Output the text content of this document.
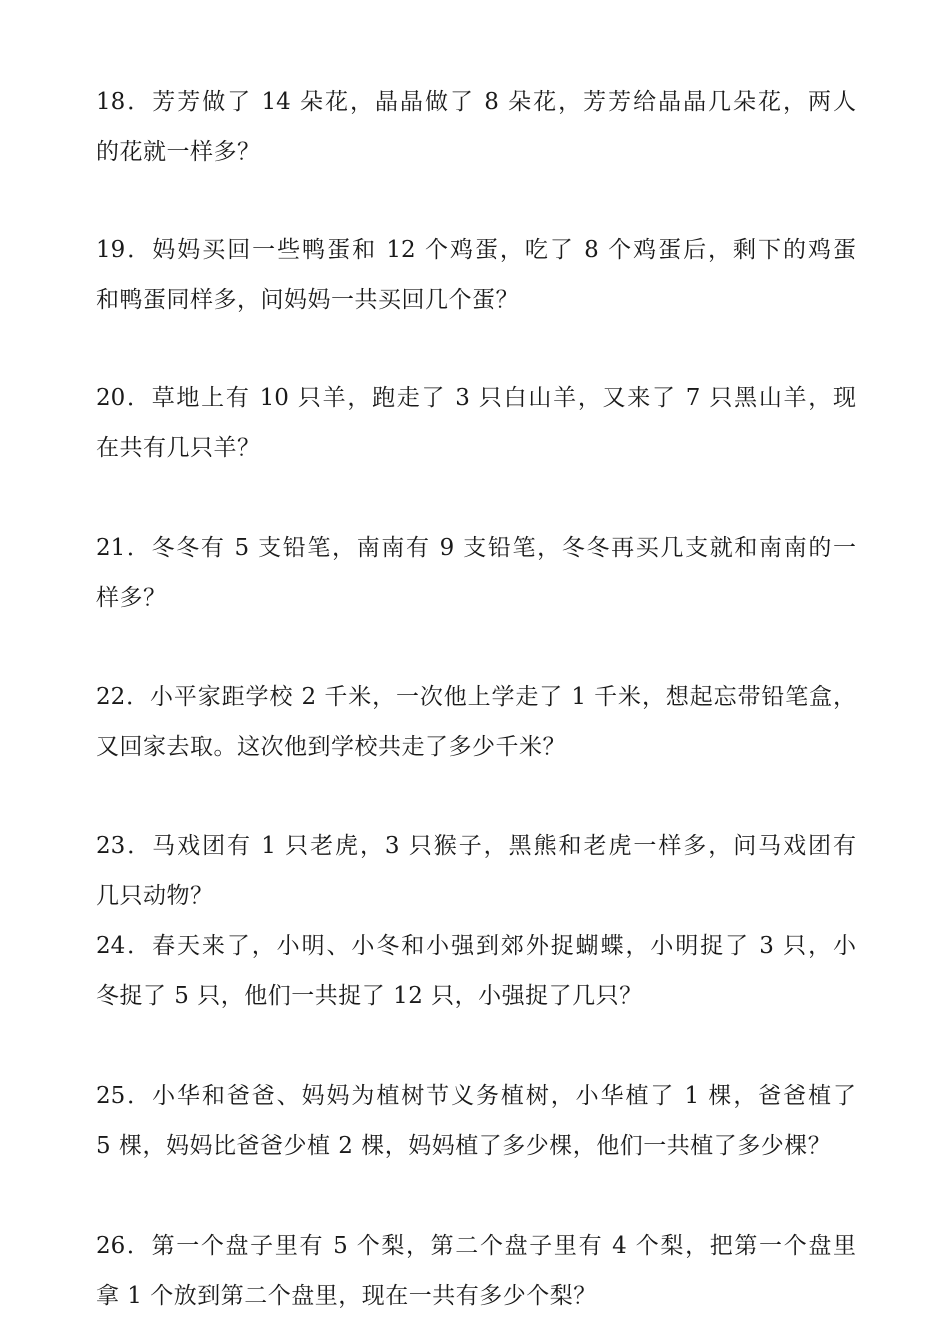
18．芳芳做了 14 朵花，晶晶做了 8 朵花，芳芳给晶晶几朵花，两人
的花就一样多？
19．妈妈买回一些鸭蛋和 12 个鸡蛋，吃了 8 个鸡蛋后，剩下的鸡蛋
和鸭蛋同样多，问妈妈一共买回几个蛋？
20．草地上有 10 只羊，跑走了 3 只白山羊，又来了 7 只黑山羊，现
在共有几只羊？
21．冬冬有 5 支铅笔，南南有 9 支铅笔，冬冬再买几支就和南南的一
样多？
22．小平家距学校 2 千米，一次他上学走了 1 千米，想起忘带铅笔盒，
又回家去取。这次他到学校共走了多少千米？
23．马戏团有 1 只老虎，3 只猴子，黑熊和老虎一样多，问马戏团有
几只动物？
24．春天来了，小明、小冬和小强到郊外捉蝴蝶，小明捉了 3 只，小
冬捉了 5 只，他们一共捉了 12 只，小强捉了几只？
25．小华和爸爸、妈妈为植树节义务植树，小华植了 1 棵，爸爸植了
5 棵，妈妈比爸爸少植 2 棵，妈妈植了多少棵，他们一共植了多少棵？
26．第一个盘子里有 5 个梨，第二个盘子里有 4 个梨，把第一个盘里
拿 1 个放到第二个盘里，现在一共有多少个梨？
